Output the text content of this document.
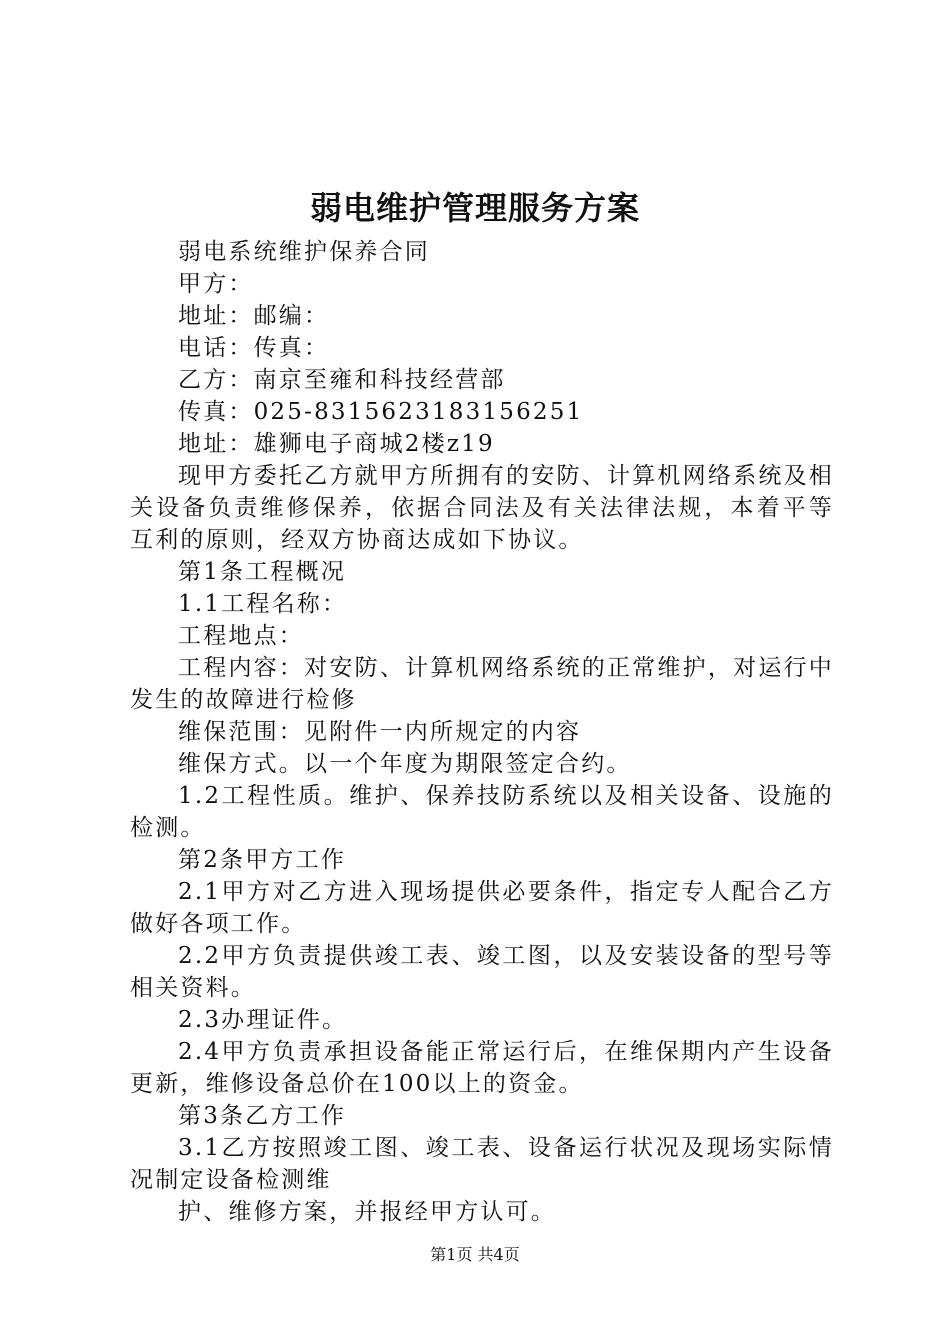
弱电维护管理服务方案

弱电系统维护保养合同

甲方：

地址：邮编：

电话：传真：

乙方：南京至雍和科技经营部

传真：025-8315623183156251

地址：雄狮电子商城2楼z19

现甲方委托乙方就甲方所拥有的安防、计算机网络系统及相关设备负责维修保养，依据合同法及有关法律法规，本着平等互利的原则，经双方协商达成如下协议。

第1条工程概况

1.1工程名称：

工程地点：

工程内容：对安防、计算机网络系统的正常维护，对运行中发生的故障进行检修

维保范围：见附件一内所规定的内容

维保方式。以一个年度为期限签定合约。

1.2工程性质。维护、保养技防系统以及相关设备、设施的检测。

第2条甲方工作

2.1甲方对乙方进入现场提供必要条件，指定专人配合乙方做好各项工作。

2.2甲方负责提供竣工表、竣工图，以及安装设备的型号等相关资料。

2.3办理证件。

2.4甲方负责承担设备能正常运行后，在维保期内产生设备更新，维修设备总价在100以上的资金。

第3条乙方工作

3.1乙方按照竣工图、竣工表、设备运行状况及现场实际情况制定设备检测维

护、维修方案，并报经甲方认可。

第1页 共4页
